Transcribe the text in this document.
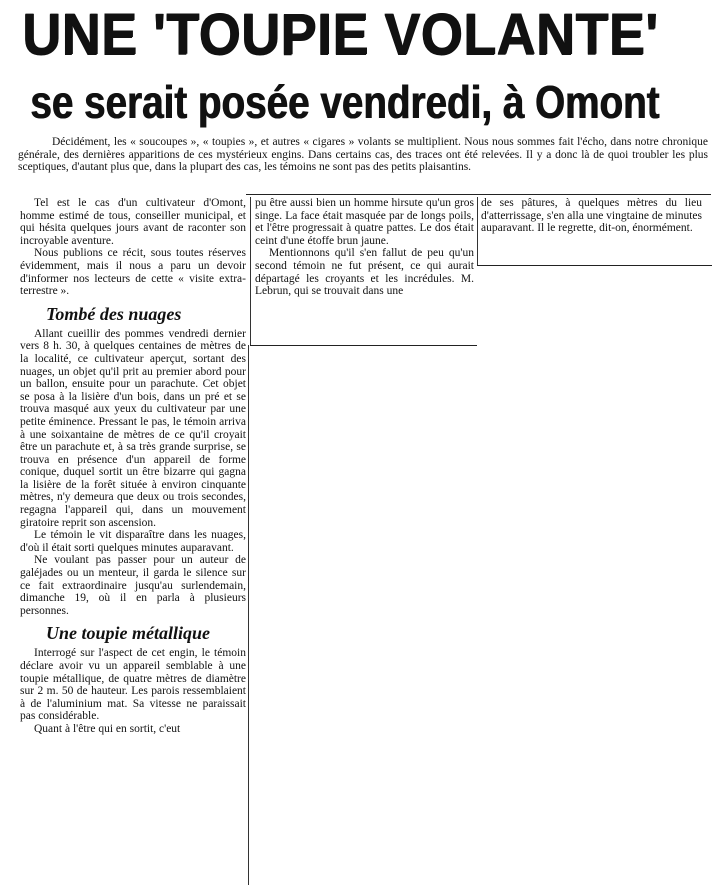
UNE 'TOUPIE VOLANTE'
se serait posée vendredi, à Omont

Décidément, les « soucoupes », « toupies », et autres « cigares » volants se multiplient. Nous nous sommes fait l'écho, dans notre chronique générale, des dernières apparitions de ces mystérieux engins. Dans certains cas, des traces ont été relevées. Il y a donc là de quoi troubler les plus sceptiques, d'autant plus que, dans la plupart des cas, les témoins ne sont pas des petits plaisantins.

Tel est le cas d'un cultivateur d'Omont, homme estimé de tous, conseiller municipal, et qui hésita quelques jours avant de raconter son incroyable aventure.

Nous publions ce récit, sous toutes réserves évidemment, mais il nous a paru un devoir d'informer nos lecteurs de cette « visite extra-terrestre ».

Tombé des nuages

Allant cueillir des pommes vendredi dernier vers 8 h. 30, à quelques centaines de mètres de la localité, ce cultivateur aperçut, sortant des nuages, un objet qu'il prit au premier abord pour un ballon, ensuite pour un parachute. Cet objet se posa à la lisière d'un bois, dans un pré et se trouva masqué aux yeux du cultivateur par une petite éminence. Pressant le pas, le témoin arriva à une soixantaine de mètres de ce qu'il croyait être un parachute et, à sa très grande surprise, se trouva en présence d'un appareil de forme conique, duquel sortit un être bizarre qui gagna la lisière de la forêt située à environ cinquante mètres, n'y demeura que deux ou trois secondes, regagna l'appareil qui, dans un mouvement giratoire reprit son ascension.

Le témoin le vit disparaître dans les nuages, d'où il était sorti quelques minutes auparavant.

Ne voulant pas passer pour un auteur de galéjades ou un menteur, il garda le silence sur ce fait extraordinaire jusqu'au surlendemain, dimanche 19, où il en parla à plusieurs personnes.

Une toupie métallique

Interrogé sur l'aspect de cet engin, le témoin déclare avoir vu un appareil semblable à une toupie métallique, de quatre mètres de diamètre sur 2 m. 50 de hauteur. Les parois ressemblaient à de l'aluminium mat. Sa vitesse ne paraissait pas considérable.

Quant à l'être qui en sortit, c'eut

pu être aussi bien un homme hirsute qu'un gros singe. La face était masquée par de longs poils, et l'être progressait à quatre pattes. Le dos était ceint d'une étoffe brun jaune.

Mentionnons qu'il s'en fallut de peu qu'un second témoin ne fut présent, ce qui aurait départagé les croyants et les incrédules. M. Lebrun, qui se trouvait dans une

de ses pâtures, à quelques mètres du lieu d'atterrissage, s'en alla une vingtaine de minutes auparavant. Il le regrette, dit-on, énormément.
